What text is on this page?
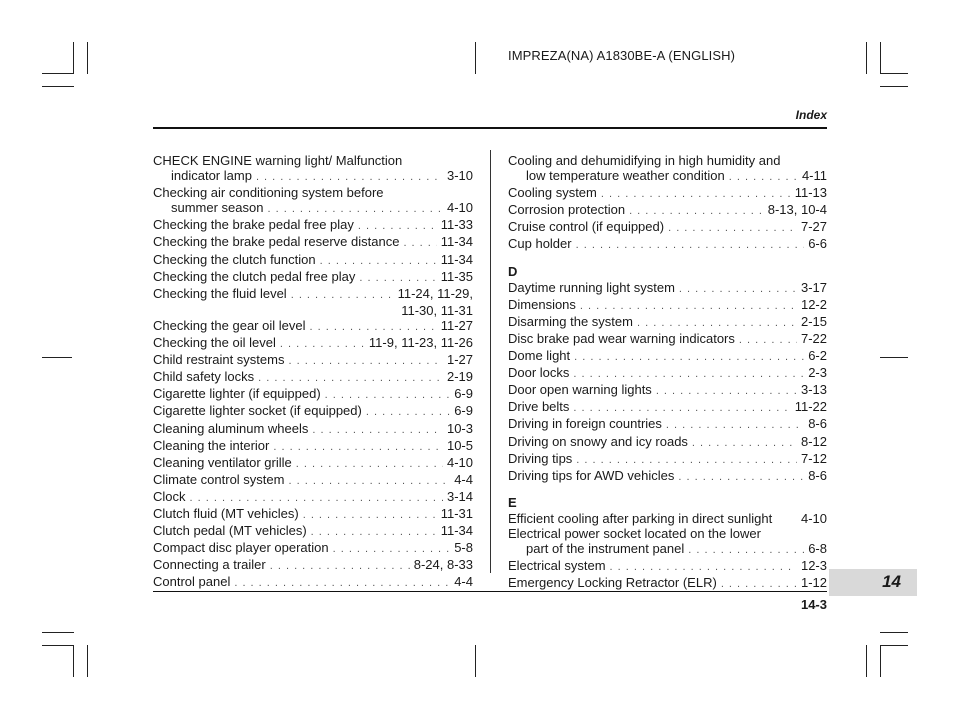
IMPREZA(NA) A1830BE-A (ENGLISH)
Index
CHECK ENGINE warning light/ Malfunction
indicator lamp . . .	3-10
Checking air conditioning system before
summer season . . .	4-10
Checking the brake pedal free play . . .	11-33
Checking the brake pedal reserve distance . . .	11-34
Checking the clutch function . . .	11-34
Checking the clutch pedal free play . . .	11-35
Checking the fluid level . . .	11-24, 11-29,
11-30, 11-31
Checking the gear oil level . . .	11-27
Checking the oil level . . .	11-9, 11-23, 11-26
Child restraint systems . . .	1-27
Child safety locks . . .	2-19
Cigarette lighter (if equipped) . . .	6-9
Cigarette lighter socket (if equipped) . . .	6-9
Cleaning aluminum wheels . . .	10-3
Cleaning the interior . . .	10-5
Cleaning ventilator grille . . .	4-10
Climate control system . . .	4-4
Clock . . .	3-14
Clutch fluid (MT vehicles) . . .	11-31
Clutch pedal (MT vehicles) . . .	11-34
Compact disc player operation . . .	5-8
Connecting a trailer . . .	8-24, 8-33
Control panel . . .	4-4
Cooling and dehumidifying in high humidity and
low temperature weather condition . . .	4-11
Cooling system . . .	11-13
Corrosion protection . . .	8-13, 10-4
Cruise control (if equipped) . . .	7-27
Cup holder . . .	6-6
D
Daytime running light system . . .	3-17
Dimensions . . .	12-2
Disarming the system . . .	2-15
Disc brake pad wear warning indicators . . .	7-22
Dome light . . .	6-2
Door locks . . .	2-3
Door open warning lights . . .	3-13
Drive belts . . .	11-22
Driving in foreign countries . . .	8-6
Driving on snowy and icy roads . . .	8-12
Driving tips . . .	7-12
Driving tips for AWD vehicles . . .	8-6
E
Efficient cooling after parking in direct sunlight 4-10
Electrical power socket located on the lower
part of the instrument panel . . .	6-8
Electrical system . . .	12-3
Emergency Locking Retractor (ELR) . . .	1-12	14
14-3
